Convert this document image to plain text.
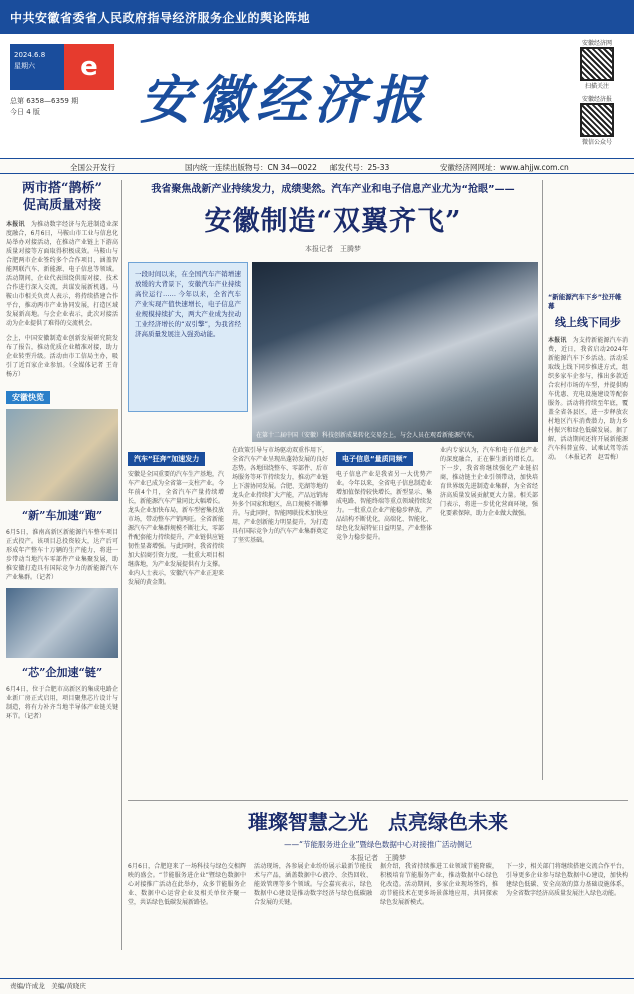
中共安徽省委省人民政府指导经济服务企业的舆论阵地
2024.6.8
星期六	e
安徽经济报
总第 6358—6359 期
今日 4 版
安徽经济网
扫描关注
安徽经济报
微信公众号
全国公开发行	国内统一连续出版物号：CN 34—0022 邮发代号：25-33	安徽经济网网址：www.ahjjw.com.cn
两市搭“鹊桥”
促高质量对接
本报讯　为推动数字经济与先进制造业深度融合，6月6日，马鞍山市工业与信息化局举办对接活动，在推动产业链上下游高质量对接等方面取得积极成效。马鞍山与合肥两市企业签约多个合作项目，涵盖智能网联汽车、新能源、电子信息等领域。活动期间，企业代表围绕供需对接、技术合作进行深入交流，共谋发展新机遇。马鞍山市相关负责人表示，将持续搭建合作平台，推动两市产业协同发展，打造区域发展新高地。与会企业表示，此次对接活动为企业提供了难得的交流机会。
会上，中国安徽制造业创新发展研究院发布了报告，推动优质企业精准对接，助力企业转型升级。活动由市工信局主办，吸引了近百家企业参加。（全媒体记者 王奇 杨方）
安徽快览
“新”车加速“跑”
6月5日，淮南高新区新能源汽车整车项目正式投产。该项目总投资较大，达产后可形成年产整车十万辆的生产能力，将进一步带动当地汽车零部件产业集聚发展，助推安徽打造具有国际竞争力的新能源汽车产业集群。（记者）
“芯”企加速“链”
6月4日，位于合肥市高新区的集成电路企业新厂房正式启用，项目聚焦芯片设计与制造，将有力补齐当地半导体产业链关键环节。（记者）
我省聚焦战新产业持续发力，成绩斐然。汽车产业和电子信息产业尤为“抢眼”——
安徽制造“双翼齐飞”
本报记者　王腾梦
一段时间以来，在全国汽车产销增速放缓的大背景下，安徽汽车产业持续高位运行…… 今年以来，全省汽车产业实现产值快速增长，电子信息产业规模持续扩大，两大产业成为拉动工业经济增长的“双引擎”，为我省经济高质量发展注入强劲动能。
在第十二届中国（安徽）科技创新成果转化交易会上，与会人员在观看新能源汽车。
汽车“狂奔”加速发力
安徽是全国重要的汽车生产基地，汽车产业已成为全省第一支柱产业。今年前4个月，全省汽车产量持续增长，新能源汽车产量同比大幅增长。龙头企业加快布局，新车型密集投放市场，带动整车产销两旺。全省新能源汽车产业集群规模不断壮大，零部件配套能力持续提升，产业链供应链韧性显著增强。与此同时，我省持续加大招商引资力度，一批重大项目相继落地，为产业发展提供有力支撑。业内人士表示，安徽汽车产业正迎来发展的黄金期。
在政策引导与市场驱动双重作用下，全省汽车产业呈现出蓬勃发展的良好态势。各地围绕整车、零部件、后市场服务等环节持续发力，推动产业链上下游协同发展。合肥、芜湖等地的龙头企业持续扩大产能，产品远销海外多个国家和地区，出口规模不断攀升。与此同时，智能网联技术加快应用，产业创新能力明显提升，为打造具有国际竞争力的汽车产业集群奠定了坚实基础。
电子信息“量质同频”
电子信息产业是我省另一大优势产业。今年以来，全省电子信息制造业增加值保持较快增长，新型显示、集成电路、智能终端等重点领域持续发力。一批重点企业产能稳步释放，产品结构不断优化，高端化、智能化、绿色化发展特征日益明显，产业整体竞争力稳步提升。
业内专家认为，汽车和电子信息产业的深度融合，正在催生新的增长点。下一步，我省将继续强化产业链招商，推动链主企业引领带动，加快培育世界级先进制造业集群，为全省经济高质量发展贡献更大力量。相关部门表示，将进一步优化营商环境，强化要素保障，助力企业做大做强。
“新能源汽车下乡”拉开帷幕
线上线下同步
本报讯　为支持新能源汽车消费，近日，我省启动2024年新能源汽车下乡活动。活动采取线上线下同步推进方式，组织多家车企参与，推出多款适合农村市场的车型，并提供购车优惠、充电设施建设等配套服务。活动将持续至年底，覆盖全省各县区，进一步释放农村地区汽车消费潜力，助力乡村振兴和绿色低碳发展。据了解，活动期间还将开展新能源汽车科普宣传、试乘试驾等活动。 （本报记者　赵雪梅）
璀璨智慧之光　点亮绿色未来
——“节能服务进企业”暨绿色数据中心对接推广活动侧记
本报记者　王腾梦
6月6日，合肥迎来了一场科技与绿色交相辉映的盛会。“节能服务进企业”暨绿色数据中心对接推广活动在此举办，众多节能服务企业、数据中心运营企业及相关单位齐聚一堂，共话绿色低碳发展新路径。
活动现场，各参展企业纷纷展示最新节能技术与产品，涵盖数据中心液冷、余热回收、能效管理等多个领域。与会嘉宾表示，绿色数据中心建设是推动数字经济与绿色低碳融合发展的关键。
据介绍，我省持续推进工业领域节能降碳，积极培育节能服务产业，推动数据中心绿色化改造。活动期间，多家企业现场签约，推动节能技术在更多场景落地应用，共同探索绿色发展新模式。
下一步，相关部门将继续搭建交流合作平台，引导更多企业参与绿色数据中心建设，加快构建绿色低碳、安全高效的算力基础设施体系，为全省数字经济高质量发展注入绿色动能。
责编/许成龙　美编/黄晓庆
